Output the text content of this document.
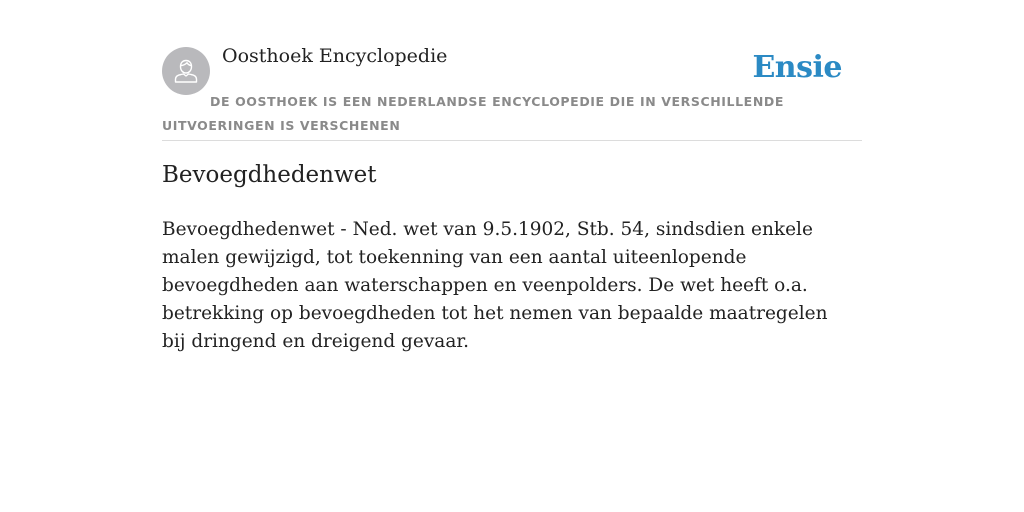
Oosthoek Encyclopedie	Ensie
DE OOSTHOEK IS EEN NEDERLANDSE ENCYCLOPEDIE DIE IN VERSCHILLENDE UITVOERINGEN IS VERSCHENEN
Bevoegdhedenwet

Bevoegdhedenwet - Ned. wet van 9.5.1902, Stb. 54, sindsdien enkele malen gewijzigd, tot toekenning van een aantal uiteenlopende bevoegdheden aan waterschappen en veenpolders. De wet heeft o.a. betrekking op bevoegdheden tot het nemen van bepaalde maatregelen bij dringend en dreigend gevaar.
